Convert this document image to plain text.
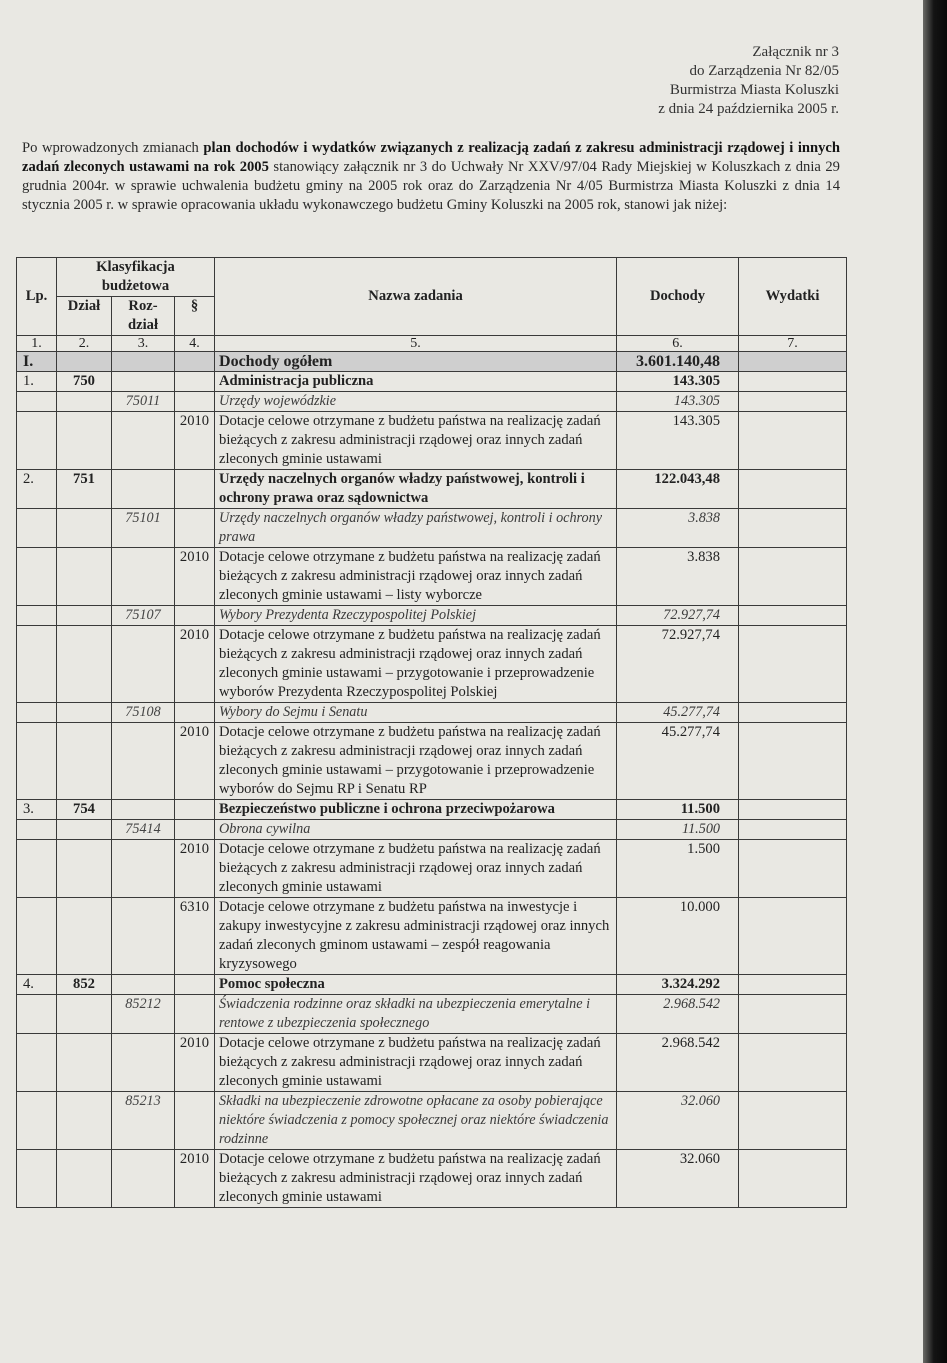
Załącznik nr 3
do Zarządzenia Nr 82/05
Burmistrza Miasta Koluszki
z dnia 24 października 2005 r.
Po wprowadzonych zmianach plan dochodów i wydatków związanych z realizacją zadań z zakresu administracji rządowej i innych zadań zleconych ustawami na rok 2005 stanowiący załącznik nr 3 do Uchwały Nr XXV/97/04 Rady Miejskiej w Koluszkach z dnia 29 grudnia 2004r. w sprawie uchwalenia budżetu gminy na 2005 rok oraz do Zarządzenia Nr 4/05 Burmistrza Miasta Koluszki z dnia 14 stycznia 2005 r. w sprawie opracowania układu wykonawczego budżetu Gminy Koluszki na 2005 rok, stanowi jak niżej:
Lp.	Klasyfikacja budżetowa			Nazwa zadania	Dochody	Wydatki
	Dział	Roz-dział	§			
1.	2.	3.	4.	5.	6.	7.
I.				Dochody ogółem	3.601.140,48	
1.	750			Administracja publiczna	143.305	
		75011		Urzędy wojewódzkie	143.305	
			2010	Dotacje celowe otrzymane z budżetu państwa na realizację zadań bieżących z zakresu administracji rządowej oraz innych zadań zleconych gminie ustawami	143.305	
2.	751			Urzędy naczelnych organów władzy państwowej, kontroli i ochrony prawa oraz sądownictwa	122.043,48	
		75101		Urzędy naczelnych organów władzy państwowej, kontroli i ochrony prawa	3.838	
			2010	Dotacje celowe otrzymane z budżetu państwa na realizację zadań bieżących z zakresu administracji rządowej oraz innych zadań zleconych gminie ustawami – listy wyborcze	3.838	
		75107		Wybory Prezydenta Rzeczypospolitej Polskiej	72.927,74	
			2010	Dotacje celowe otrzymane z budżetu państwa na realizację zadań bieżących z zakresu administracji rządowej oraz innych zadań zleconych gminie ustawami – przygotowanie i przeprowadzenie wyborów Prezydenta Rzeczypospolitej Polskiej	72.927,74	
		75108		Wybory do Sejmu i Senatu	45.277,74	
			2010	Dotacje celowe otrzymane z budżetu państwa na realizację zadań bieżących z zakresu administracji rządowej oraz innych zadań zleconych gminie ustawami – przygotowanie i przeprowadzenie wyborów do Sejmu RP i Senatu RP	45.277,74	
3.	754			Bezpieczeństwo publiczne i ochrona przeciwpożarowa	11.500	
		75414		Obrona cywilna	11.500	
			2010	Dotacje celowe otrzymane z budżetu państwa na realizację zadań bieżących z zakresu administracji rządowej oraz innych zadań zleconych gminie ustawami	1.500	
			6310	Dotacje celowe otrzymane z budżetu państwa na inwestycje i zakupy inwestycyjne z zakresu administracji rządowej oraz innych zadań zleconych gminom ustawami – zespół reagowania kryzysowego	10.000	
4.	852			Pomoc społeczna	3.324.292	
		85212		Świadczenia rodzinne oraz składki na ubezpieczenia emerytalne i rentowe z ubezpieczenia społecznego	2.968.542	
			2010	Dotacje celowe otrzymane z budżetu państwa na realizację zadań bieżących z zakresu administracji rządowej oraz innych zadań zleconych gminie ustawami	2.968.542	
		85213		Składki na ubezpieczenie zdrowotne opłacane za osoby pobierające niektóre świadczenia z pomocy społecznej oraz niektóre świadczenia rodzinne	32.060	
			2010	Dotacje celowe otrzymane z budżetu państwa na realizację zadań bieżących z zakresu administracji rządowej oraz innych zadań zleconych gminie ustawami	32.060	
